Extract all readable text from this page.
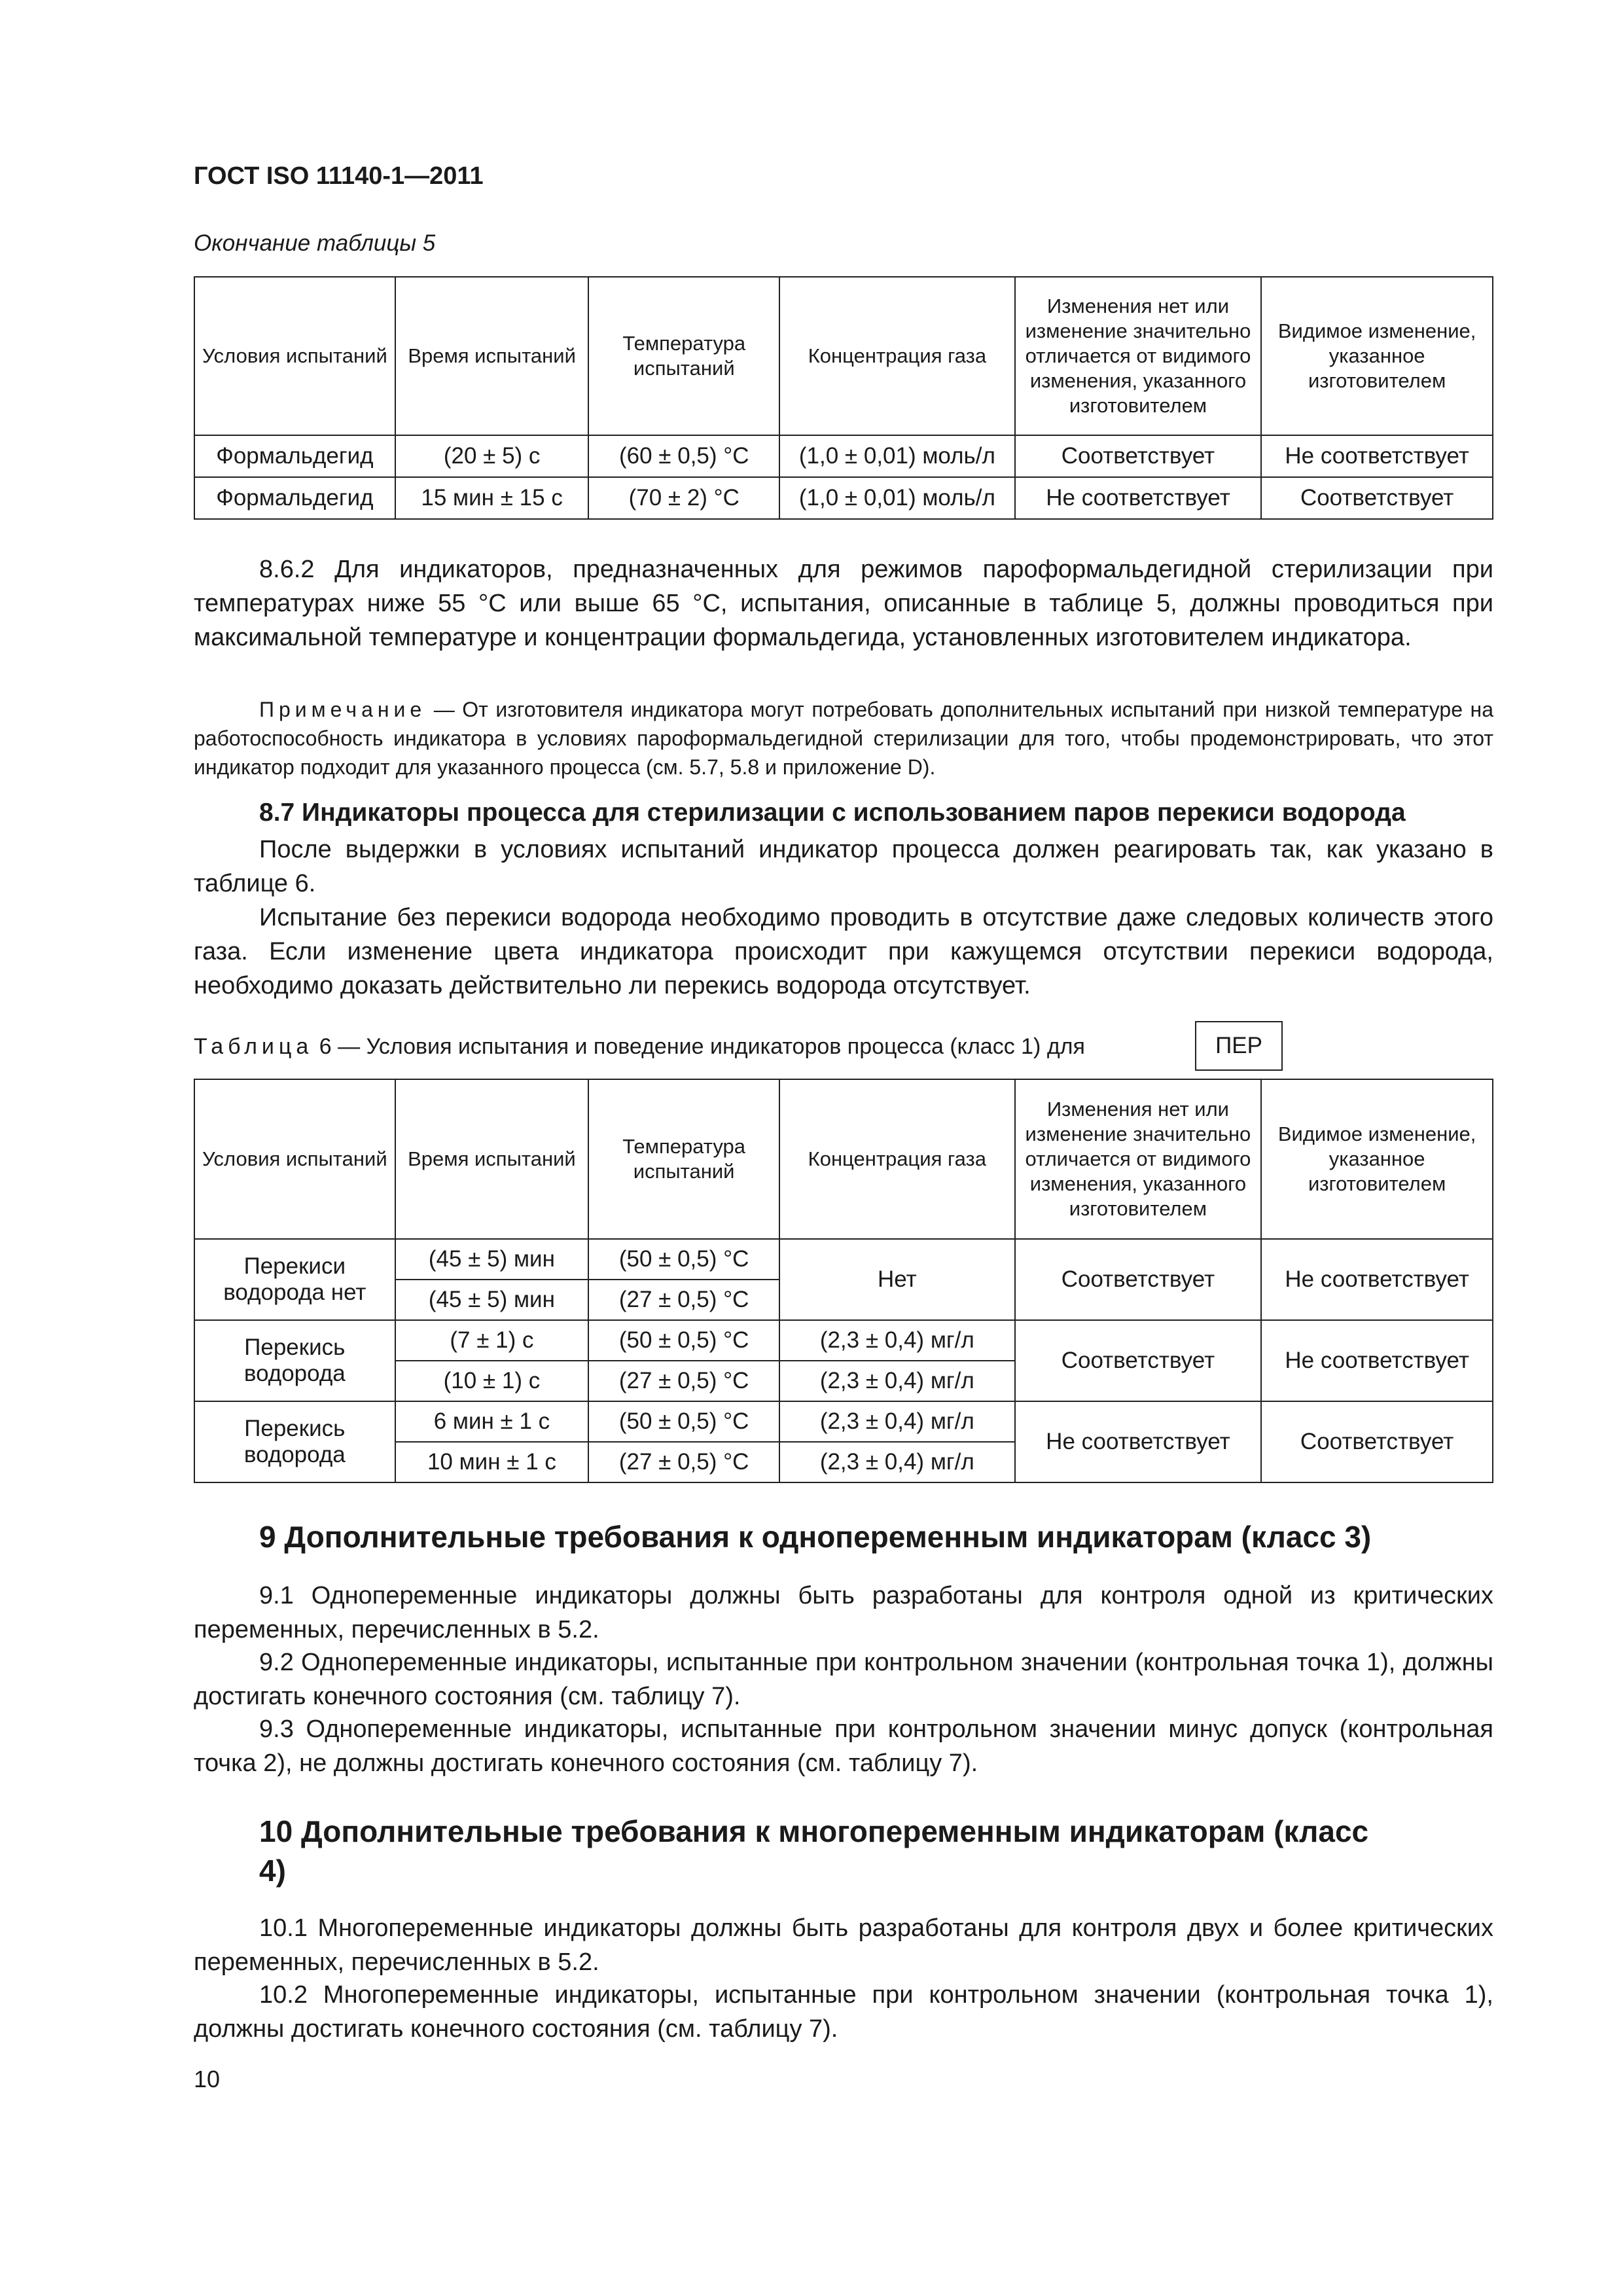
ГОСТ ISO 11140-1—2011
Окончание таблицы 5
Условия испытаний	Время испытаний	Температура испытаний	Концентрация газа	Изменения нет или изменение значительно отличается от видимого изменения, указанного изготовителем	Видимое изменение, указанное изготовителем
Формальдегид	(20 ± 5) с	(60 ± 0,5) °С	(1,0 ± 0,01) моль/л	Соответствует	Не соответствует
Формальдегид	15 мин ± 15 с	(70 ± 2) °С	(1,0 ± 0,01) моль/л	Не соответствует	Соответствует
8.6.2 Для индикаторов, предназначенных для режимов пароформальдегидной стерилизации при температурах ниже 55 °С или выше 65 °С, испытания, описанные в таблице 5, должны проводиться при максимальной температуре и концентрации формальдегида, установленных изготовителем индикатора.
Примечание — От изготовителя индикатора могут потребовать дополнительных испытаний при низкой температуре на работоспособность индикатора в условиях пароформальдегидной стерилизации для того, чтобы продемонстрировать, что этот индикатор подходит для указанного процесса (см. 5.7, 5.8 и приложение D).
8.7 Индикаторы процесса для стерилизации с использованием паров перекиси водорода
После выдержки в условиях испытаний индикатор процесса должен реагировать так, как указано в таблице 6.
Испытание без перекиси водорода необходимо проводить в отсутствие даже следовых количеств этого газа. Если изменение цвета индикатора происходит при кажущемся отсутствии перекиси водорода, необходимо доказать действительно ли перекись водорода отсутствует.
Таблица 6 — Условия испытания и поведение индикаторов процесса (класс 1) для	ПЕР
Условия испытаний	Время испытаний	Температура испытаний	Концентрация газа	Изменения нет или изменение значительно отличается от видимого изменения, указанного изготовителем	Видимое изменение, указанное изготовителем
Перекиси водорода нет	(45 ± 5) мин	(50 ± 0,5) °С	Нет	Соответствует	Не соответствует
	(45 ± 5) мин	(27 ± 0,5) °С			
Перекись водорода	(7 ± 1) с	(50 ± 0,5) °С	(2,3 ± 0,4) мг/л	Соответствует	Не соответствует
	(10 ± 1) с	(27 ± 0,5) °С	(2,3 ± 0,4) мг/л		
Перекись водорода	6 мин ± 1 с	(50 ± 0,5) °С	(2,3 ± 0,4) мг/л	Не соответствует	Соответствует
	10 мин ± 1 с	(27 ± 0,5) °С	(2,3 ± 0,4) мг/л		
9 Дополнительные требования к однопеременным индикаторам (класс 3)
9.1 Однопеременные индикаторы должны быть разработаны для контроля одной из критических переменных, перечисленных в 5.2.
9.2 Однопеременные индикаторы, испытанные при контрольном значении (контрольная точка 1), должны достигать конечного состояния (см. таблицу 7).
9.3 Однопеременные индикаторы, испытанные при контрольном значении минус допуск (контрольная точка 2), не должны достигать конечного состояния (см. таблицу 7).
10 Дополнительные требования к многопеременным индикаторам (класс 4)
10.1 Многопеременные индикаторы должны быть разработаны для контроля двух и более критических переменных, перечисленных в 5.2.
10.2 Многопеременные индикаторы, испытанные при контрольном значении (контрольная точка 1), должны достигать конечного состояния (см. таблицу 7).
10
